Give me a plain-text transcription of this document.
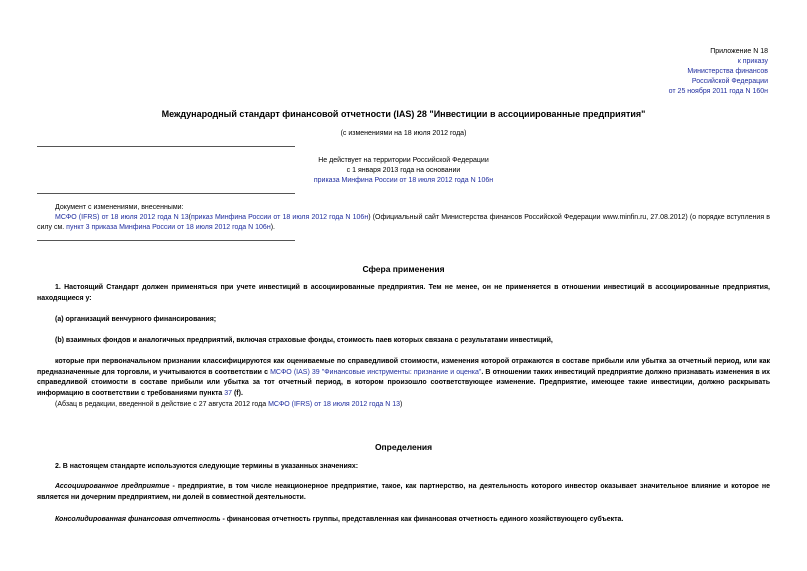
Приложение N 18
к приказу
Министерства финансов
Российской Федерации
от 25 ноября 2011 года N 160н
Международный стандарт финансовой отчетности (IAS) 28 "Инвестиции в ассоциированные предприятия"
(с изменениями на 18 июля 2012 года)
Не действует на территории Российской Федерации
с 1 января 2013 года на основании
приказа Минфина России от 18 июля 2012 года N 106н
Документ с изменениями, внесенными:
МСФО (IFRS) от 18 июля 2012 года N 13(приказ Минфина России от 18 июля 2012 года N 106н) (Официальный сайт Министерства финансов Российской Федерации www.minfin.ru, 27.08.2012) (о порядке вступления в силу см. пункт 3 приказа Минфина России от 18 июля 2012 года N 106н).
Сфера применения
1. Настоящий Стандарт должен применяться при учете инвестиций в ассоциированные предприятия. Тем не менее, он не применяется в отношении инвестиций в ассоциированные предприятия, находящиеся у:
(a) организаций венчурного финансирования;
(b) взаимных фондов и аналогичных предприятий, включая страховые фонды, стоимость паев которых связана с результатами инвестиций,
которые при первоначальном признании классифицируются как оцениваемые по справедливой стоимости, изменения которой отражаются в составе прибыли или убытка за отчетный период, или как предназначенные для торговли, и учитываются в соответствии с МСФО (IAS) 39 "Финансовые инструменты: признание и оценка". В отношении таких инвестиций предприятие должно признавать изменения в их справедливой стоимости в составе прибыли или убытка за тот отчетный период, в котором произошло соответствующее изменение. Предприятие, имеющее такие инвестиции, должно раскрывать информацию в соответствии с требованиями пункта 37 (f).
(Абзац в редакции, введенной в действие с 27 августа 2012 года МСФО (IFRS) от 18 июля 2012 года N 13)
Определения
2. В настоящем стандарте используются следующие термины в указанных значениях:
Ассоциированное предприятие - предприятие, в том числе неакционерное предприятие, такое, как партнерство, на деятельность которого инвестор оказывает значительное влияние и которое не является ни дочерним предприятием, ни долей в совместной деятельности.
Консолидированная финансовая отчетность - финансовая отчетность группы, представленная как финансовая отчетность единого хозяйствующего субъекта.
